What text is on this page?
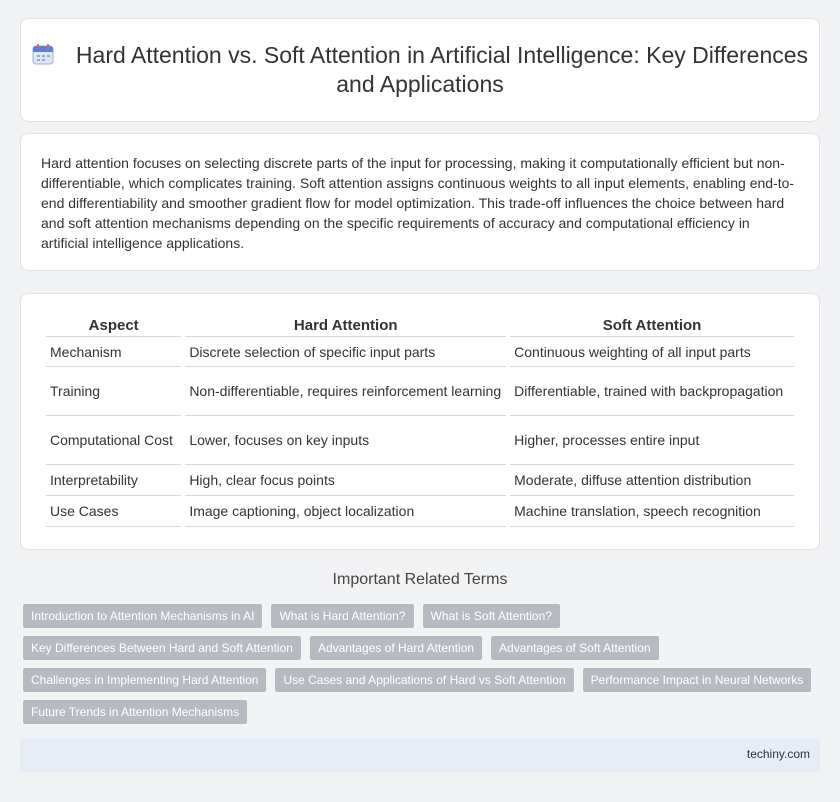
Hard Attention vs. Soft Attention in Artificial Intelligence: Key Differences and Applications

Hard attention focuses on selecting discrete parts of the input for processing, making it computationally efficient but non-differentiable, which complicates training. Soft attention assigns continuous weights to all input elements, enabling end-to-end differentiability and smoother gradient flow for model optimization. This trade-off influences the choice between hard and soft attention mechanisms depending on the specific requirements of accuracy and computational efficiency in artificial intelligence applications.

Aspect	Hard Attention	Soft Attention
Mechanism	Discrete selection of specific input parts	Continuous weighting of all input parts
Training	Non-differentiable, requires reinforcement learning	Differentiable, trained with backpropagation
Computational Cost	Lower, focuses on key inputs	Higher, processes entire input
Interpretability	High, clear focus points	Moderate, diffuse attention distribution
Use Cases	Image captioning, object localization	Machine translation, speech recognition
Important Related Terms
Introduction to Attention Mechanisms in AI	What is Hard Attention?	What is Soft Attention?
Key Differences Between Hard and Soft Attention	Advantages of Hard Attention	Advantages of Soft Attention
Challenges in Implementing Hard Attention	Use Cases and Applications of Hard vs Soft Attention	Performance Impact in Neural Networks
Future Trends in Attention Mechanisms
techiny.com
